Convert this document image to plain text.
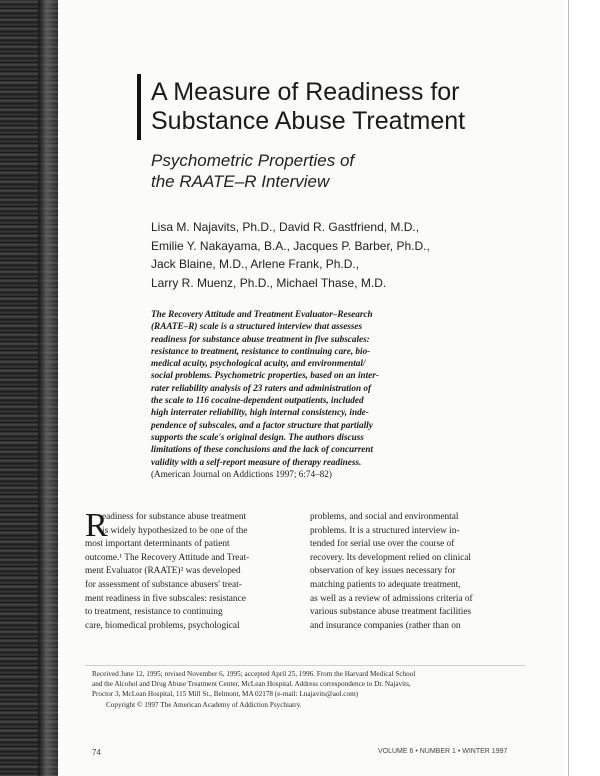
A Measure of Readiness for
Substance Abuse Treatment
Psychometric Properties of
the RAATE–R Interview
Lisa M. Najavits, Ph.D., David R. Gastfriend, M.D.,
Emilie Y. Nakayama, B.A., Jacques P. Barber, Ph.D.,
Jack Blaine, M.D., Arlene Frank, Ph.D.,
Larry R. Muenz, Ph.D., Michael Thase, M.D.
The Recovery Attitude and Treatment Evaluator–Research
(RAATE–R) scale is a structured interview that assesses
readiness for substance abuse treatment in five subscales:
resistance to treatment, resistance to continuing care, bio-
medical acuity, psychological acuity, and environmental/
social problems. Psychometric properties, based on an inter-
rater reliability analysis of 23 raters and administration of
the scale to 116 cocaine-dependent outpatients, included
high interrater reliability, high internal consistency, inde-
pendence of subscales, and a factor structure that partially
supports the scale's original design. The authors discuss
limitations of these conclusions and the lack of concurrent
validity with a self-report measure of therapy readiness.
(American Journal on Addictions 1997; 6:74–82)
R
eadiness for substance abuse treatment
is widely hypothesized to be one of the
most important determinants of patient
outcome.¹ The Recovery Attitude and Treat-
ment Evaluator (RAATE)² was developed
for assessment of substance abusers' treat-
ment readiness in five subscales: resistance
to treatment, resistance to continuing
care, biomedical problems, psychological
problems, and social and environmental
problems. It is a structured interview in-
tended for serial use over the course of
recovery. Its development relied on clinical
observation of key issues necessary for
matching patients to adequate treatment,
as well as a review of admissions criteria of
various substance abuse treatment facilities
and insurance companies (rather than on
Received June 12, 1995; revised November 6, 1995; accepted April 25, 1996. From the Harvard Medical School
and the Alcohol and Drug Abuse Treatment Center, McLean Hospital. Address correspondence to Dr. Najavits,
Proctor 3, McLean Hospital, 115 Mill St., Belmont, MA 02178 (e-mail: Lnajavits@aol.com)
Copyright © 1997 The American Academy of Addiction Psychiatry.
74	VOLUME 6 • NUMBER 1 • WINTER 1997
